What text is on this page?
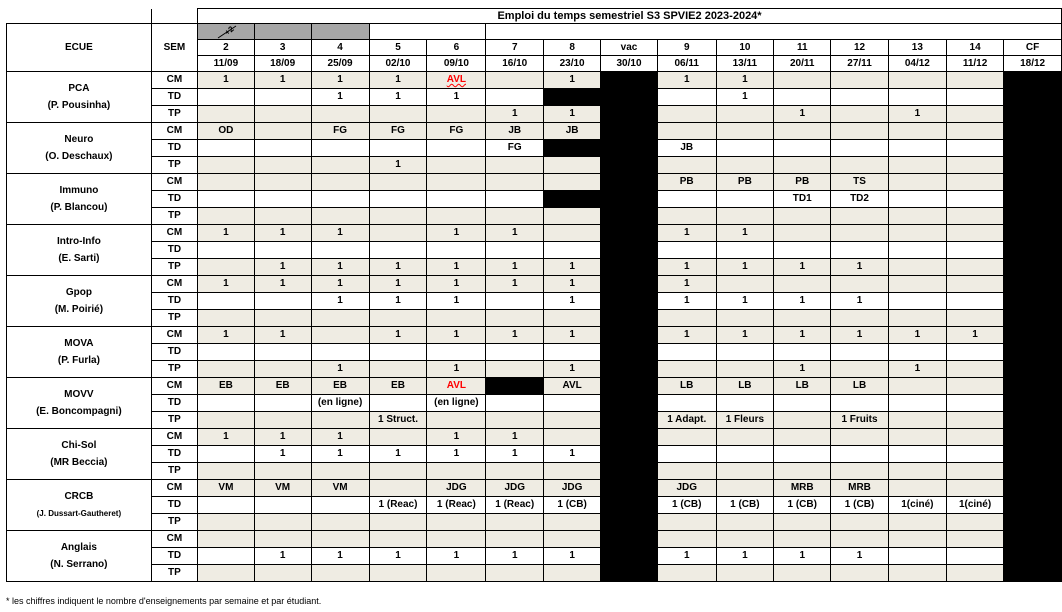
		Emploi du temps semestriel S3 SPVIE2 2023-2024*														
ECUE	SEM	+2														

		2	3	4	5	6	7	8	vac	9	10	11	12	13	14	CF
		11/09	18/09	25/09	02/10	09/10	16/10	23/10	30/10	06/11	13/11	20/11	27/11	04/12	11/12	18/12

PCA
(P. Pousinha)	CM	1	1	1	1	AVL		1		1	1					
	TD			1	1	1					1					
	TP						1	1				1		1		

Neuro
(O. Deschaux)	CM	OD		FG	FG	FG	JB	JB								
	TD						FG			JB						
	TP				1											

Immuno
(P. Blancou)	CM									PB	PB	PB	TS			
	TD											TD1	TD2			
	TP															

Intro-Info
(E. Sarti)	CM	1	1	1		1	1			1	1					
	TD															
	TP		1	1	1	1	1	1		1	1	1	1			

Gpop
(M. Poirié)	CM	1	1	1	1	1	1	1		1						
	TD			1	1	1		1		1	1	1	1			
	TP															

MOVA
(P. Furla)	CM	1	1		1	1	1	1		1	1	1	1	1	1	
	TD															
	TP			1		1		1				1		1		

MOVV
(E. Boncompagni)	CM	EB	EB	EB	EB	AVL		AVL		LB	LB	LB	LB			
	TD			(en ligne)		(en ligne)										
	TP				1 Struct.					1 Adapt.	1 Fleurs		1 Fruits			

Chi-Sol
(MR Beccia)	CM	1	1	1		1	1									
	TD		1	1	1	1	1	1								
	TP															

CRCB
(J. Dussart-Gautheret)	CM	VM	VM	VM		JDG	JDG	JDG		JDG		MRB	MRB			
	TD				1 (Reac)	1 (Reac)	1 (Reac)	1 (CB)		1 (CB)	1 (CB)	1 (CB)	1 (CB)	1(ciné)	1(ciné)	
	TP															

Anglais
(N. Serrano)	CM															
	TD		1	1	1	1	1	1		1	1	1	1			
	TP															
* les chiffres indiquent le nombre d'enseignements par semaine et par étudiant.
